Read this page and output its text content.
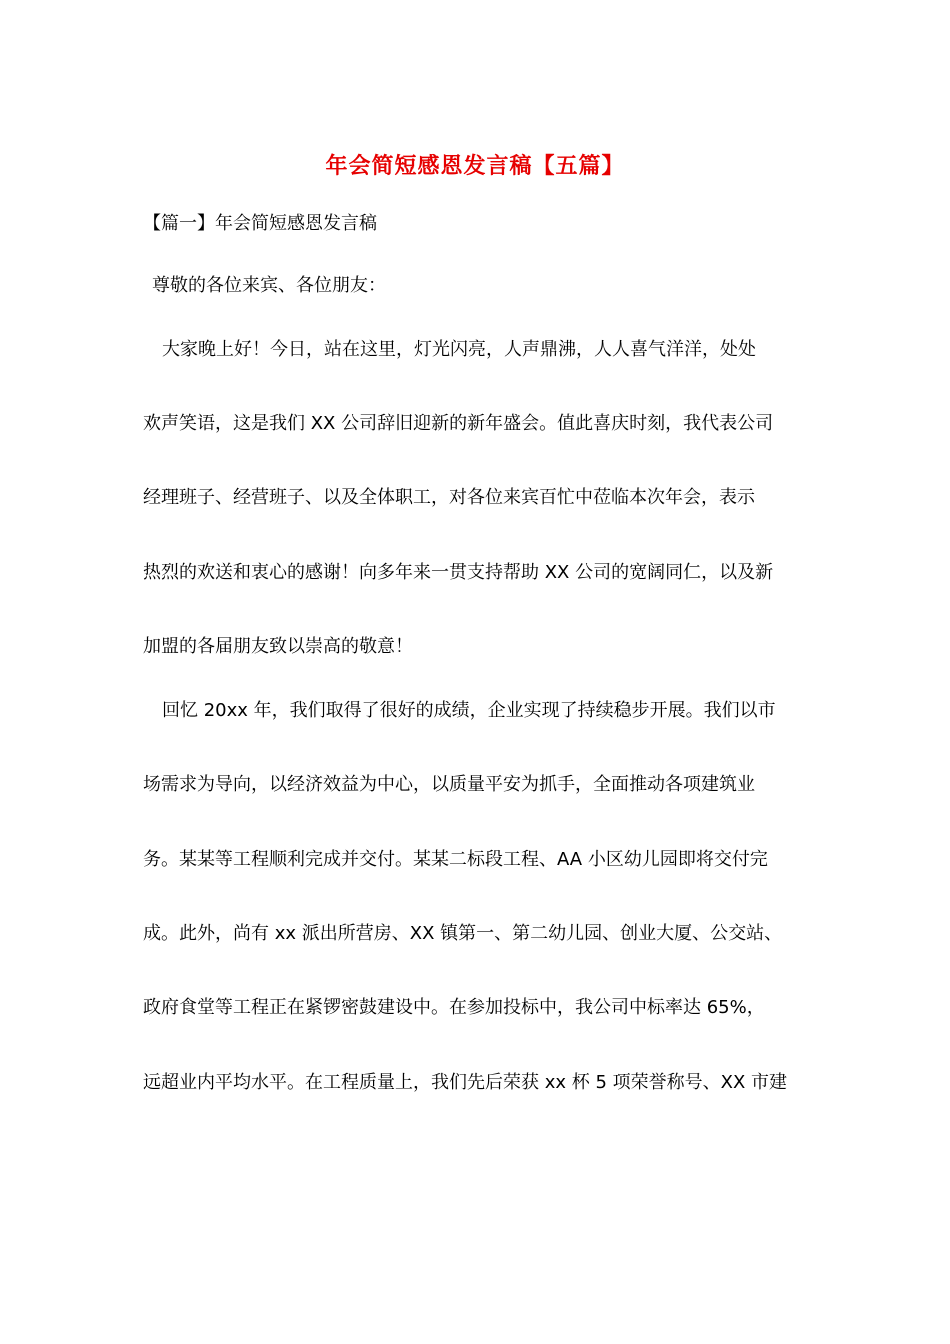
年会简短感恩发言稿【五篇】
【篇一】年会简短感恩发言稿
尊敬的各位来宾、各位朋友：
大家晚上好！今日，站在这里，灯光闪亮，人声鼎沸，人人喜气洋洋，处处
欢声笑语，这是我们 XX 公司辞旧迎新的新年盛会。值此喜庆时刻，我代表公司
经理班子、经营班子、以及全体职工，对各位来宾百忙中莅临本次年会，表示
热烈的欢送和衷心的感谢！向多年来一贯支持帮助 XX 公司的宽阔同仁，以及新
加盟的各届朋友致以崇高的敬意！
回忆 20xx 年，我们取得了很好的成绩，企业实现了持续稳步开展。我们以市
场需求为导向，以经济效益为中心，以质量平安为抓手，全面推动各项建筑业
务。某某等工程顺利完成并交付。某某二标段工程、AA 小区幼儿园即将交付完
成。此外，尚有 xx 派出所营房、XX 镇第一、第二幼儿园、创业大厦、公交站、
政府食堂等工程正在紧锣密鼓建设中。在参加投标中，我公司中标率达 65%，
远超业内平均水平。在工程质量上，我们先后荣获 xx 杯 5 项荣誉称号、XX 市建
